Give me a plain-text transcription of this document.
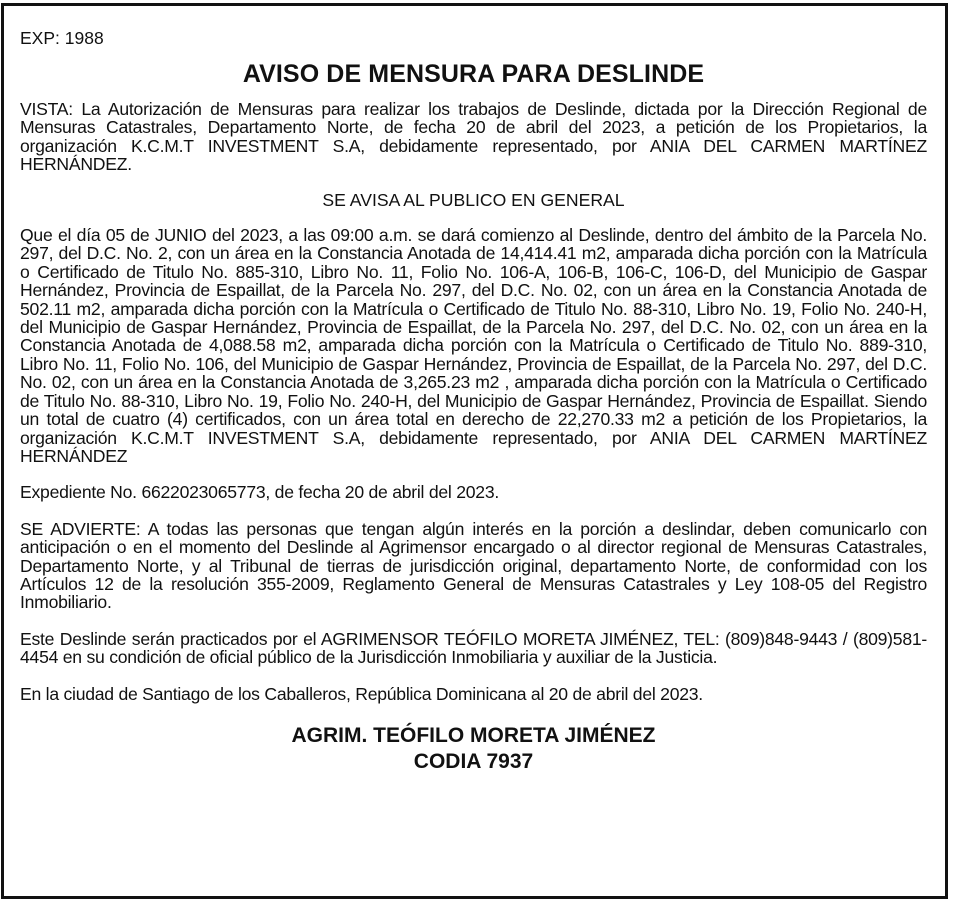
EXP: 1988
AVISO DE MENSURA PARA DESLINDE

VISTA: La Autorización de Mensuras para realizar los trabajos de Deslinde, dictada por la Dirección Regional de Mensuras Catastrales, Departamento Norte, de fecha 20 de abril del 2023, a petición de los Propietarios, la organización K.C.M.T INVESTMENT S.A, debidamente representado, por ANIA DEL CARMEN MARTÍNEZ HERNÁNDEZ.

SE AVISA AL PUBLICO EN GENERAL

Que el día 05 de JUNIO del 2023, a las 09:00 a.m. se dará comienzo al Deslinde, dentro del ámbito de la Parcela No. 297, del D.C. No. 2, con un área en la Constancia Anotada de 14,414.41 m2, amparada dicha porción con la Matrícula o Certificado de Titulo No. 885-310, Libro No. 11, Folio No. 106-A, 106-B, 106-C, 106-D, del Municipio de Gaspar Hernández, Provincia de Espaillat, de la Parcela No. 297, del D.C. No. 02, con un área en la Constancia Anotada de 502.11 m2, amparada dicha porción con la Matrícula o Certificado de Titulo No. 88-310, Libro No. 19, Folio No. 240-H, del Municipio de Gaspar Hernández, Provincia de Espaillat, de la Parcela No. 297, del D.C. No. 02, con un área en la Constancia Anotada de 4,088.58 m2, amparada dicha porción con la Matrícula o Certificado de Titulo No. 889-310, Libro No. 11, Folio No. 106, del Municipio de Gaspar Hernández, Provincia de Espaillat, de la Parcela No. 297, del D.C. No. 02, con un área en la Constancia Anotada de 3,265.23 m2 , amparada dicha porción con la Matrícula o Certificado de Titulo No. 88-310, Libro No. 19, Folio No. 240-H, del Municipio de Gaspar Hernández, Provincia de Espaillat. Siendo un total de cuatro (4) certificados, con un área total en derecho de 22,270.33 m2 a petición de los Propietarios, la organización K.C.M.T INVESTMENT S.A, debidamente representado, por ANIA DEL CARMEN MARTÍNEZ HERNÁNDEZ

Expediente No. 6622023065773, de fecha 20 de abril del 2023.

SE ADVIERTE: A todas las personas que tengan algún interés en la porción a deslindar, deben comunicarlo con anticipación o en el momento del Deslinde al Agrimensor encargado o al director regional de Mensuras Catastrales, Departamento Norte, y al Tribunal de tierras de jurisdicción original, departamento Norte, de conformidad con los Artículos 12 de la resolución 355-2009, Reglamento General de Mensuras Catastrales y Ley 108-05 del Registro Inmobiliario.

Este Deslinde serán practicados por el AGRIMENSOR TEÓFILO MORETA JIMÉNEZ, TEL: (809)848-9443 / (809)581-4454 en su condición de oficial público de la Jurisdicción Inmobiliaria y auxiliar de la Justicia.

En la ciudad de Santiago de los Caballeros, República Dominicana al 20 de abril del 2023.

AGRIM. TEÓFILO MORETA JIMÉNEZ
CODIA 7937
